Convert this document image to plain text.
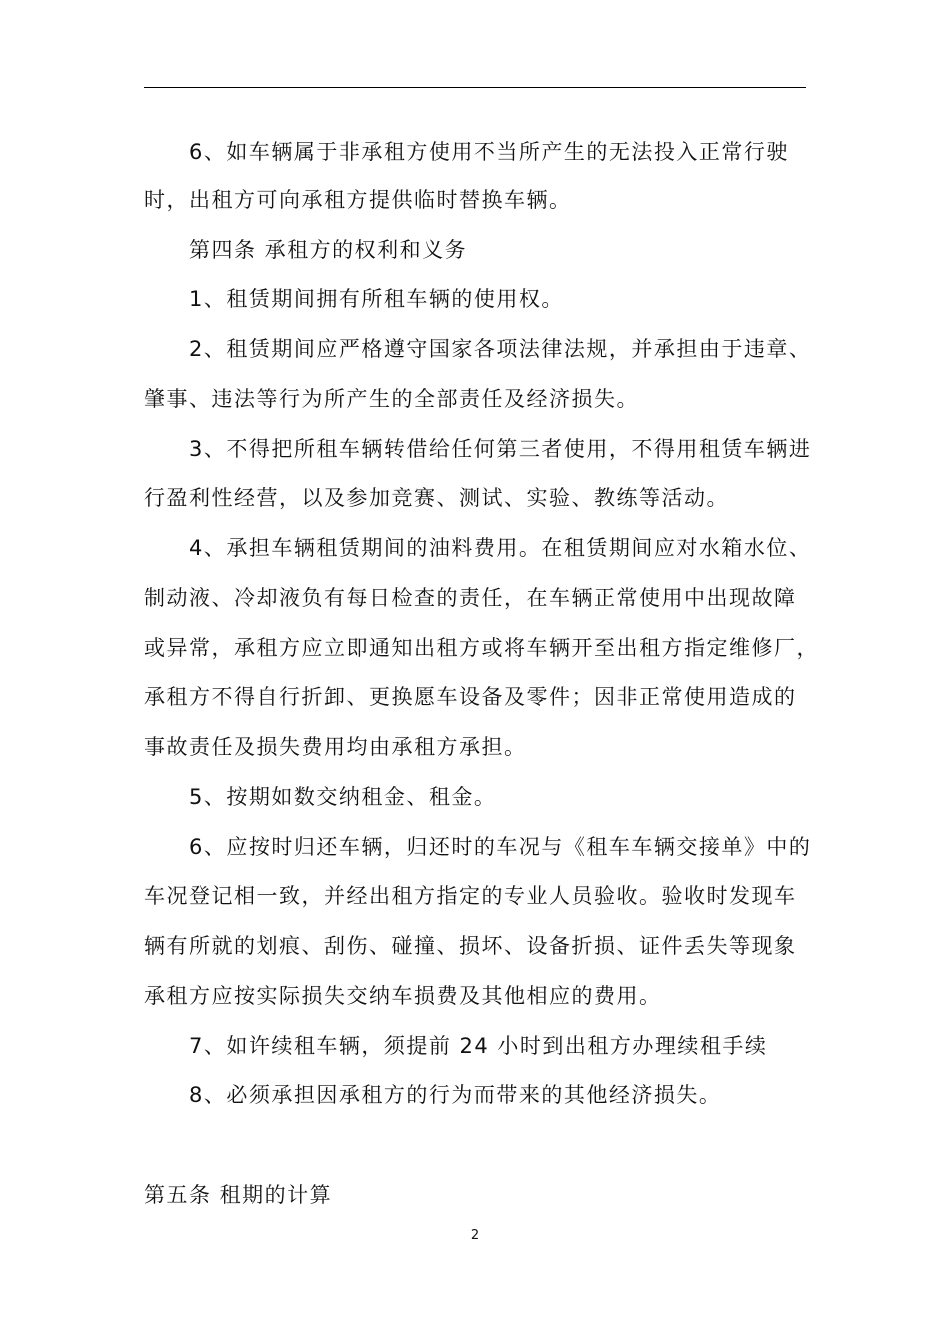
6、如车辆属于非承租方使用不当所产生的无法投入正常行驶
时，出租方可向承租方提供临时替换车辆。
第四条 承租方的权利和义务
1、租赁期间拥有所租车辆的使用权。
2、租赁期间应严格遵守国家各项法律法规，并承担由于违章、
肇事、违法等行为所产生的全部责任及经济损失。
3、不得把所租车辆转借给任何第三者使用，不得用租赁车辆进
行盈利性经营，以及参加竞赛、测试、实验、教练等活动。
4、承担车辆租赁期间的油料费用。在租赁期间应对水箱水位、
制动液、冷却液负有每日检查的责任，在车辆正常使用中出现故障
或异常，承租方应立即通知出租方或将车辆开至出租方指定维修厂，
承租方不得自行折卸、更换愿车设备及零件；因非正常使用造成的
事故责任及损失费用均由承租方承担。
5、按期如数交纳租金、租金。
6、应按时归还车辆，归还时的车况与《租车车辆交接单》中的
车况登记相一致，并经出租方指定的专业人员验收。验收时发现车
辆有所就的划痕、刮伤、碰撞、损坏、设备折损、证件丢失等现象
承租方应按实际损失交纳车损费及其他相应的费用。
7、如许续租车辆，须提前 24 小时到出租方办理续租手续
8、必须承担因承租方的行为而带来的其他经济损失。
第五条 租期的计算
2
